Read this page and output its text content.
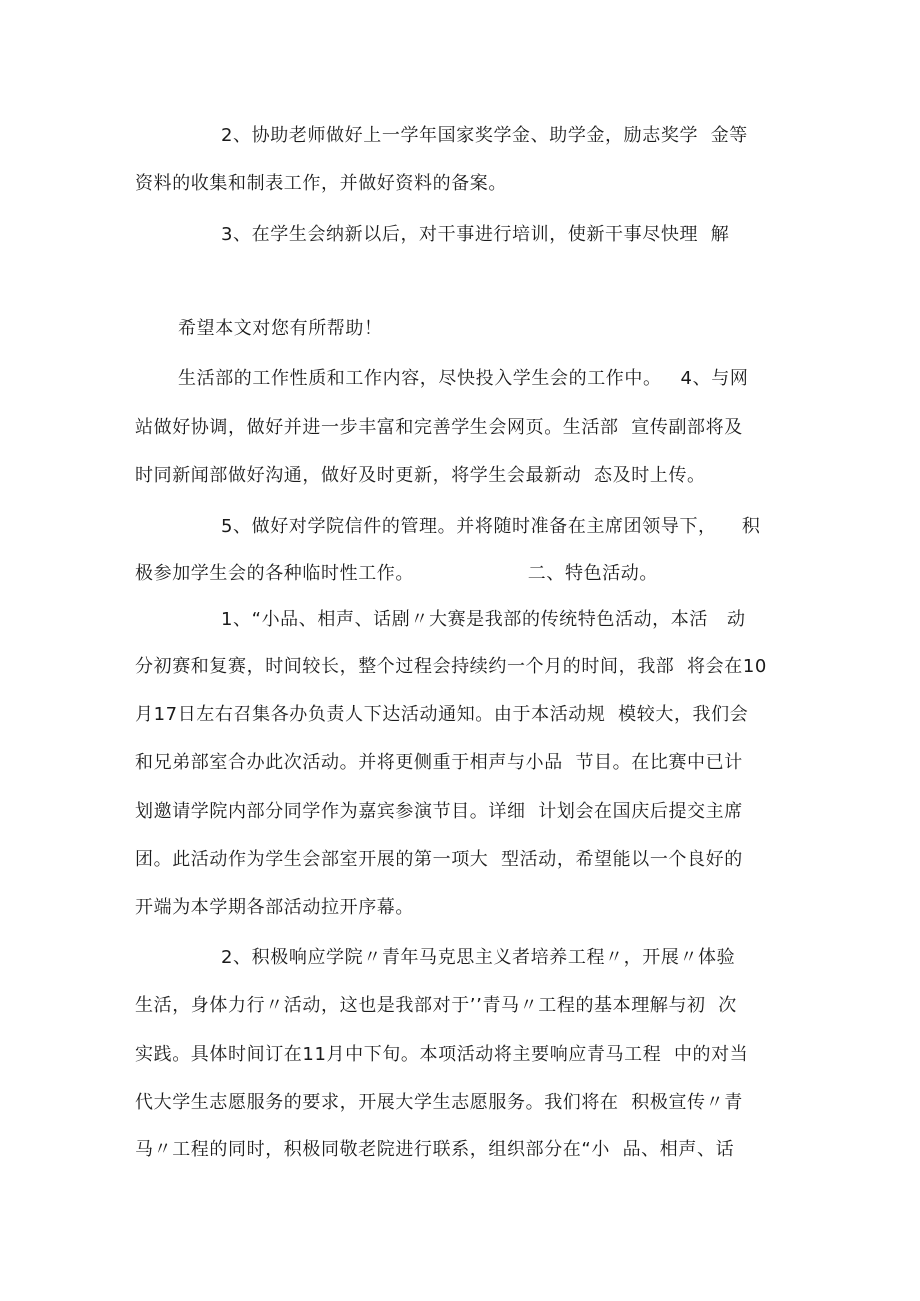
2、协助老师做好上一学年国家奖学金、助学金，励志奖学  金等
资料的收集和制表工作，并做好资料的备案。
3、在学生会纳新以后，对干事进行培训，使新干事尽快理  解
希望本文对您有所帮助！
生活部的工作性质和工作内容，尽快投入学生会的工作中。   4、与网
站做好协调，做好并进一步丰富和完善学生会网页。生活部  宣传副部将及
时同新闻部做好沟通，做好及时更新，将学生会最新动  态及时上传。
5、做好对学院信件的管理。并将随时准备在主席团领导下，    积
极参加学生会的各种临时性工作。                  二、特色活动。
1、“小品、相声、话剧〃大赛是我部的传统特色活动，本活   动
分初赛和复赛，时间较长，整个过程会持续约一个月的时间，我部  将会在10
月17日左右召集各办负责人下达活动通知。由于本活动规  模较大，我们会
和兄弟部室合办此次活动。并将更侧重于相声与小品  节目。在比赛中已计
划邀请学院内部分同学作为嘉宾参演节目。详细  计划会在国庆后提交主席
团。此活动作为学生会部室开展的第一项大  型活动，希望能以一个良好的
开端为本学期各部活动拉开序幕。
2、积极响应学院〃青年马克思主义者培养工程〃，开展〃体验
生活，身体力行〃活动，这也是我部对于’’青马〃工程的基本理解与初  次
实践。具体时间订在11月中下旬。本项活动将主要响应青马工程  中的对当
代大学生志愿服务的要求，开展大学生志愿服务。我们将在  积极宣传〃青
马〃工程的同时，积极同敬老院进行联系，组织部分在“小  品、相声、话
